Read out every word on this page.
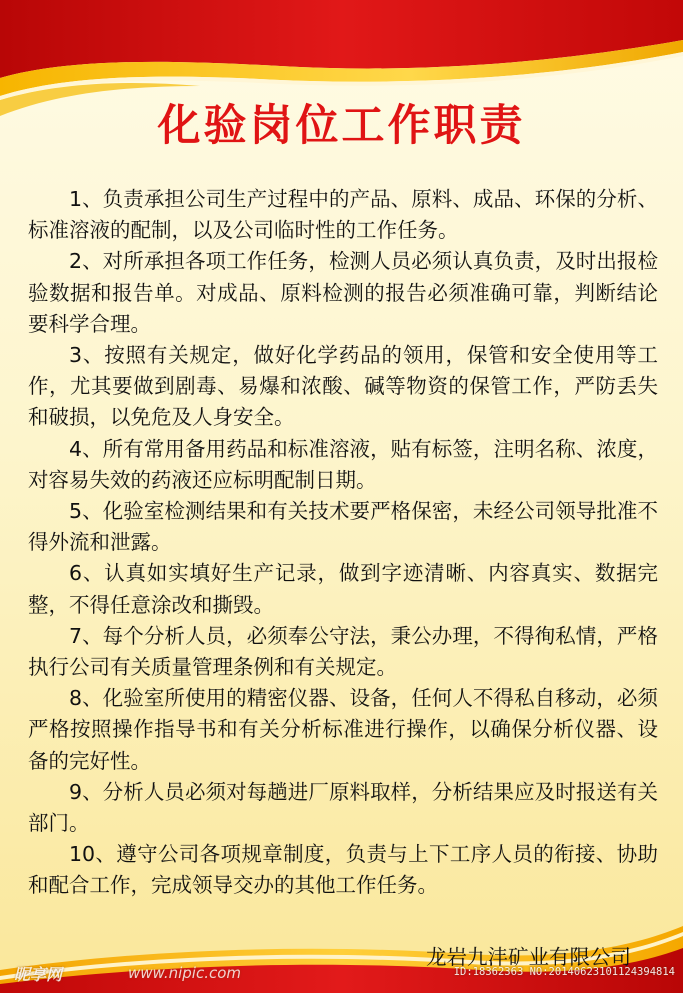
化验岗位工作职责

1、负责承担公司生产过程中的产品、原料、成品、环保的分析、标准溶液的配制，以及公司临时性的工作任务。

2、对所承担各项工作任务，检测人员必须认真负责，及时出报检验数据和报告单。对成品、原料检测的报告必须准确可靠，判断结论要科学合理。

3、按照有关规定，做好化学药品的领用，保管和安全使用等工作，尤其要做到剧毒、易爆和浓酸、碱等物资的保管工作，严防丢失和破损，以免危及人身安全。

4、所有常用备用药品和标准溶液，贴有标签，注明名称、浓度，对容易失效的药液还应标明配制日期。

5、化验室检测结果和有关技术要严格保密，未经公司领导批准不得外流和泄露。

6、认真如实填好生产记录，做到字迹清晰、内容真实、数据完整，不得任意涂改和撕毁。

7、每个分析人员，必须奉公守法，秉公办理，不得徇私情，严格执行公司有关质量管理条例和有关规定。

8、化验室所使用的精密仪器、设备，任何人不得私自移动，必须严格按照操作指导书和有关分析标准进行操作，以确保分析仪器、设备的完好性。

9、分析人员必须对每趟进厂原料取样，分析结果应及时报送有关部门。

10、遵守公司各项规章制度，负责与上下工序人员的衔接、协助和配合工作，完成领导交办的其他工作任务。

龙岩九沣矿业有限公司
昵享网	www.nipic.com	ID:18362363 NO:20140623101124394814
